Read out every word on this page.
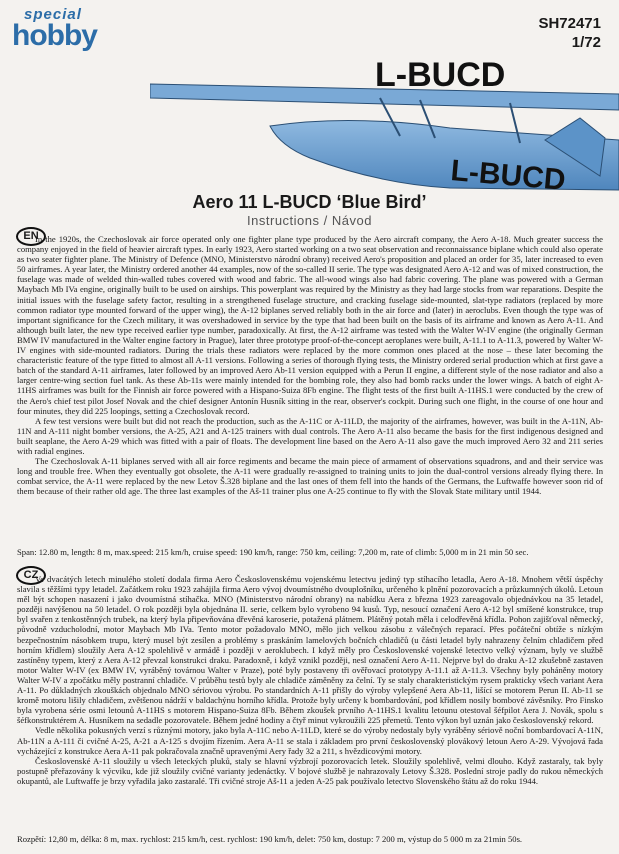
special
hobby	SH72471
1/72
L-BUCD
L-BUCD
Aero 11 L-BUCD ‘Blue Bird’
Instructions / Návod
EN

In the 1920s, the Czechoslovak air force operated only one fighter plane type produced by the Aero aircraft company, the Aero A-18. Much greater success the company enjoyed in the field of heavier aircraft types. In early 1923, Aero started working on a two seat observation and reconnaissance biplane which could also operate as two seater fighter plane. The Ministry of Defence (MNO, Ministerstvo národní obrany) received Aero's proposition and placed an order for 35, later increased to even 50 airframes. A year later, the Ministry ordered another 44 examples, now of the so-called II serie. The type was designated Aero A-12 and was of mixed construction, the fuselage was made of welded thin-walled tubes covered with wood and fabric. The all-wood wings also had fabric covering. The plane was powered with a German Maybach Mb IVa engine, originally built to be used on airships. This powerplant was required by the Ministry as they had large stocks from war reparations. Despite the initial issues with the fuselage safety factor, resulting in a strengthened fuselage structure, and cracking fuselage side-mounted, slat-type radiators (replaced by more common radiator type mounted forward of the upper wing), the A-12 biplanes served reliably both in the air force and (later) in aeroclubs. Even though the type was of important significance for the Czech military, it was overshadowed in service by the type that had been built on the basis of its airframe and known as Aero A-11. And although built later, the new type received earlier type number, paradoxically. At first, the A-12 airframe was tested with the Walter W-IV engine (the originally German BMW IV manufactured in the Walter engine factory in Prague), later three prototype proof-of-the-concept aeroplanes were built, A-11.1 to A-11.3, powered by Walter W-IV engines with side-mounted radiators. During the trials these radiators were replaced by the more common ones placed at the nose – these later becoming the characteristic feature of the type fitted to almost all A-11 versions. Following a series of thorough flying tests, the Ministry ordered serial production which at first gave a batch of the standard A-11 airframes, later followed by an improved Aero Ab-11 version equipped with a Perun II engine, a different style of the nose radiator and also a larger centre-wing section fuel tank. As these Ab-11s were mainly intended for the bombing role, they also had bomb racks under the lower wings. A batch of eight A-11HS airframes was built for the Finnish air force powered with a Hispano-Suiza 8Fb engine. The flight tests of the first built A-11HS.1 were conducted by the crew of the Aero's chief test pilot Josef Novak and the chief designer Antonín Husník sitting in the rear, observer's cockpit. During such one flight, in the course of one hour and four minutes, they did 225 loopings, setting a Czechoslovak record.

A few test versions were built but did not reach the production, such as the A-11C or A-11LD, the majority of the airframes, however, was built in the A-11N, Ab-11N and A-111 night bomber versions, the A-25, A21 and A-125 trainers with dual controls. The Aero A-11 also became the basis for the first indigenous designed and built seaplane, the Aero A-29 which was fitted with a pair of floats. The development line based on the Aero A-11 also gave the much improved Aero 32 and 211 series with radial engines.

The Czechoslovak A-11 biplanes served with all air force regiments and became the main piece of armament of observations squadrons, and and their service was long and trouble free. When they eventually got obsolete, the A-11 were gradually re-assigned to training units to join the dual-control versions already flying there. In combat service, the A-11 were replaced by the new Letov Š.328 biplane and the last ones of them fell into the hands of the Germans, the Luftwaffe however soon rid of them because of their rather old age. The three last examples of the Aš-11 trainer plus one A-25 continue to fly with the Slovak State military until 1944.

Span: 12.80 m, length: 8 m, max.speed: 215 km/h, cruise speed: 190 km/h, range: 750 km, ceiling: 7,200 m, rate of climb: 5,000 m in 21 min 50 sec.
CZ

Ve dvacátých letech minulého století dodala firma Aero Československému vojenskému letectvu jediný typ stíhacího letadla, Aero A-18. Mnohem větší úspěchy slavila s těžšími typy letadel. Začátkem roku 1923 zahájila firma Aero vývoj dvoumístného dvouplošníku, určeného k plnění pozorovacích a průzkumných úkolů. Letoun měl být schopen nasazení i jako dvoumístná stíhačka. MNO (Ministerstvo národní obrany) na nabídku Aera z března 1923 zareagovalo objednávkou na 35 letadel, později navýšenou na 50 letadel. O rok později byla objednána II. serie, celkem bylo vyrobeno 94 kusů. Typ, nesoucí označení Aero A-12 byl smíšené konstrukce, trup byl svařen z tenkostěnných trubek, na který byla připevňována dřevěná karoserie, potažená plátnem. Plátěný potah měla i celodřevěná křídla. Pohon zajišťoval německý, původně vzducholodní, motor Maybach Mb IVa. Tento motor požadovalo MNO, mělo jich velkou zásobu z válečných reparací. Přes počáteční obtíže s nízkým bezpečnostním násobkem trupu, který musel být zesílen a problémy s praskáním lamelových bočních chladičů (u části letadel byly nahrazeny čelním chladičem před horním křídlem) sloužily Aera A-12 spolehlivě v armádě i později v aeroklubech. I když měly pro Československé vojenské letectvo velký význam, byly ve službě zastíněny typem, který z Aera A-12 převzal konstrukci draku. Paradoxně, i když vznikl později, nesl označení Aero A-11. Nejprve byl do draku A-12 zkušebně zastaven motor Walter W-IV (ex BMW IV, vyráběný továrnou Walter v Praze), poté byly postaveny tři ověřovací prototypy A-11.1 až A-11.3. Všechny byly poháněny motory Walter W-IV a zpočátku měly postranní chladiče. V průběhu testů byly ale chladiče záměněny za čelní. Ty se staly charakteristickým rysem prakticky všech variant Aera A-11. Po důkladných zkouškách objednalo MNO sériovou výrobu. Po standardních A-11 přišly do výroby vylepšené Aera Ab-11, lišící se motorem Perun II. Ab-11 se kromě motoru lišily chladičem, zvětšenou nádrží v baldachýnu horního křídla. Protože byly určeny k bombardování, pod křídlem nosily bombové závěsníky. Pro Finsko byla vyrobena série osmi letounů A-11HS s motorem Hispano-Suiza 8Fb. Během zkoušek prvního A-11HS.1 kvalitu letounu otestoval šéfpilot Aera J. Novák, spolu s šéfkonstruktérem A. Husníkem na sedadle pozorovatele. Během jedné hodiny a čtyř minut vykroužili 225 přemetů. Tento výkon byl uznán jako československý rekord.

Vedle několika pokusných verzí s různými motory, jako byla A-11C nebo A-11LD, které se do výroby nedostaly byly vyráběny sériově noční bombardovací A-11N, Ab-11N a A-111 či cvičné A-25, A-21 a A-125 s dvojím řízením. Aera A-11 se stala i základem pro první československý plovákový letoun Aero A-29. Vývojová řada vycházející z konstrukce Aera A-11 pak pokračovala značně upravenými Aery řady 32 a 211, s hvězdicovými motory.

Československé A-11 sloužily u všech leteckých pluků, staly se hlavní výzbrojí pozorovacích letek. Sloužily spolehlivě, velmi dlouho. Když zastaraly, tak byly postupně přeřazovány k výcviku, kde již sloužily cvičné varianty jedenáctky. V bojové službě je nahrazovaly Letovy Š.328. Poslední stroje padly do rukou německých okupantů, ale Luftwaffe je brzy vyřadila jako zastaralé. Tři cvičné stroje Aš-11 a jeden A-25 pak používalo letectvo Slovenského štátu až do roku 1944.

Rozpětí: 12,80 m, délka: 8 m, max. rychlost: 215 km/h, cest. rychlost: 190 km/h, delet: 750 km, dostup: 7 200 m, výstup do 5 000 m za 21min 50s.
